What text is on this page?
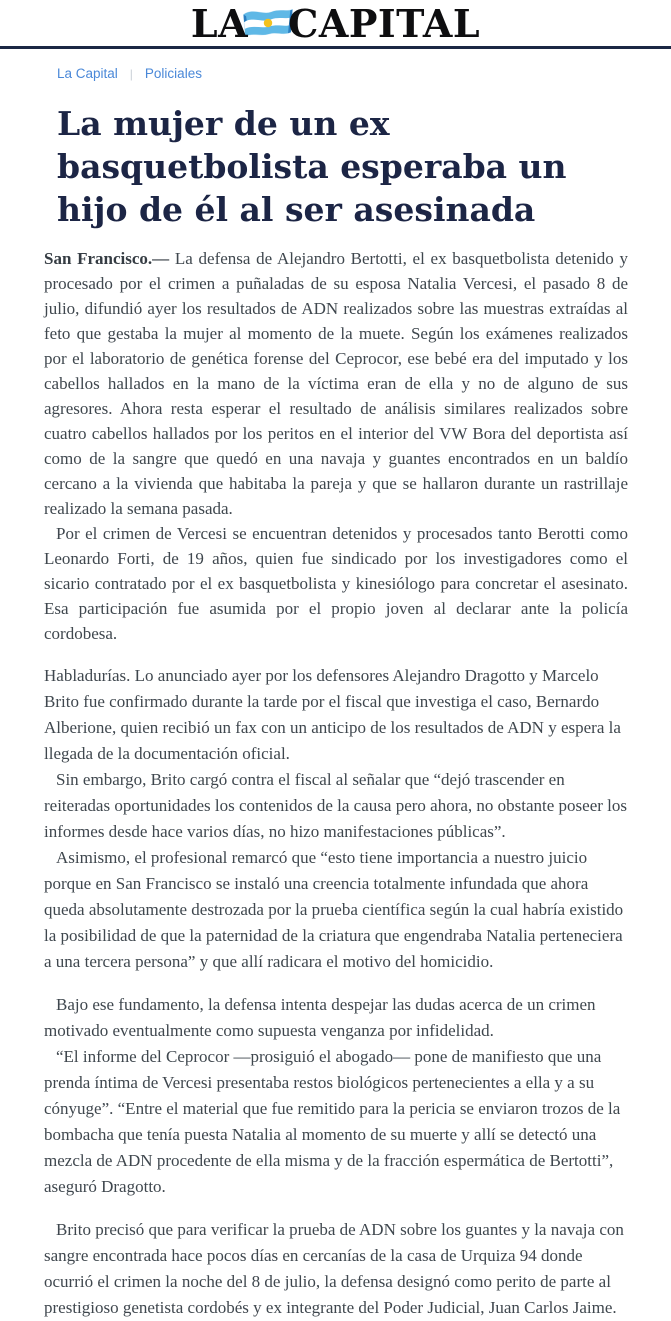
LA CAPITAL
La Capital | Policiales
La mujer de un ex basquetbolista esperaba un hijo de él al ser asesinada

San Francisco.— La defensa de Alejandro Bertotti, el ex basquetbolista detenido y procesado por el crimen a puñaladas de su esposa Natalia Vercesi, el pasado 8 de julio, difundió ayer los resultados de ADN realizados sobre las muestras extraídas al feto que gestaba la mujer al momento de la muete. Según los exámenes realizados por el laboratorio de genética forense del Ceprocor, ese bebé era del imputado y los cabellos hallados en la mano de la víctima eran de ella y no de alguno de sus agresores. Ahora resta esperar el resultado de análisis similares realizados sobre cuatro cabellos hallados por los peritos en el interior del VW Bora del deportista así como de la sangre que quedó en una navaja y guantes encontrados en un baldío cercano a la vivienda que habitaba la pareja y que se hallaron durante un rastrillaje realizado la semana pasada.

Por el crimen de Vercesi se encuentran detenidos y procesados tanto Berotti como Leonardo Forti, de 19 años, quien fue sindicado por los investigadores como el sicario contratado por el ex basquetbolista y kinesiólogo para concretar el asesinato. Esa participación fue asumida por el propio joven al declarar ante la policía cordobesa.

Habladurías. Lo anunciado ayer por los defensores Alejandro Dragotto y Marcelo Brito fue confirmado durante la tarde por el fiscal que investiga el caso, Bernardo Alberione, quien recibió un fax con un anticipo de los resultados de ADN y espera la llegada de la documentación oficial.

Sin embargo, Brito cargó contra el fiscal al señalar que “dejó trascender en reiteradas oportunidades los contenidos de la causa pero ahora, no obstante poseer los informes desde hace varios días, no hizo manifestaciones públicas”.

Asimismo, el profesional remarcó que “esto tiene importancia a nuestro juicio porque en San Francisco se instaló una creencia totalmente infundada que ahora queda absolutamente destrozada por la prueba científica según la cual habría existido la posibilidad de que la paternidad de la criatura que engendraba Natalia perteneciera a una tercera persona” y que allí radicara el motivo del homicidio.

Bajo ese fundamento, la defensa intenta despejar las dudas acerca de un crimen motivado eventualmente como supuesta venganza por infidelidad.

“El informe del Ceprocor —prosiguió el abogado— pone de manifiesto que una prenda íntima de Vercesi presentaba restos biológicos pertenecientes a ella y a su cónyuge”. “Entre el material que fue remitido para la pericia se enviaron trozos de la bombacha que tenía puesta Natalia al momento de su muerte y allí se detectó una mezcla de ADN procedente de ella misma y de la fracción espermática de Bertotti”, aseguró Dragotto.

Brito precisó que para verificar la prueba de ADN sobre los guantes y la navaja con sangre encontrada hace pocos días en cercanías de la casa de Urquiza 94 donde ocurrió el crimen la noche del 8 de julio, la defensa designó como perito de parte al prestigioso genetista cordobés y ex integrante del Poder Judicial, Juan Carlos Jaime.
